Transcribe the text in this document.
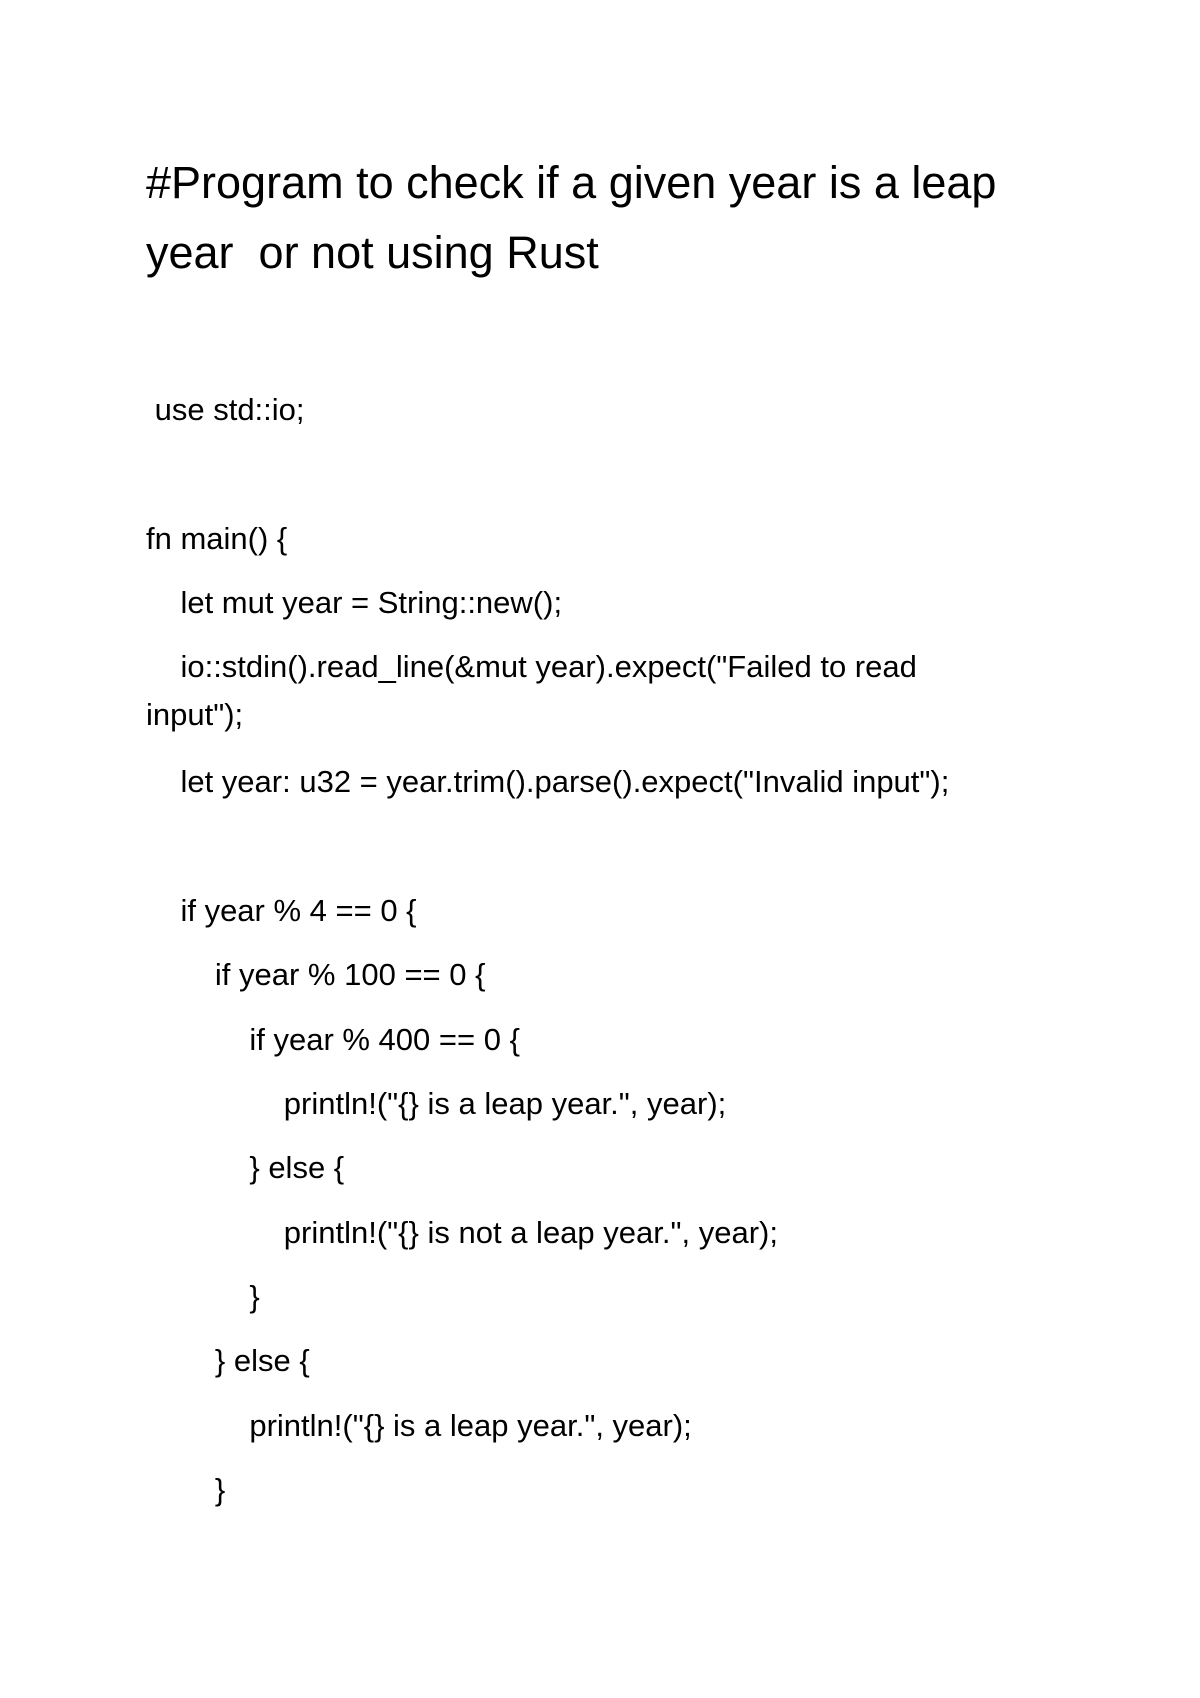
#Program to check if a given year is a leap year  or not using Rust
use std::io;
fn main() {
let mut year = String::new();
io::stdin().read_line(&mut year).expect("Failed to read input");
let year: u32 = year.trim().parse().expect("Invalid input");
if year % 4 == 0 {
if year % 100 == 0 {
if year % 400 == 0 {
println!("{} is a leap year.", year);
} else {
println!("{} is not a leap year.", year);
}
} else {
println!("{} is a leap year.", year);
}
